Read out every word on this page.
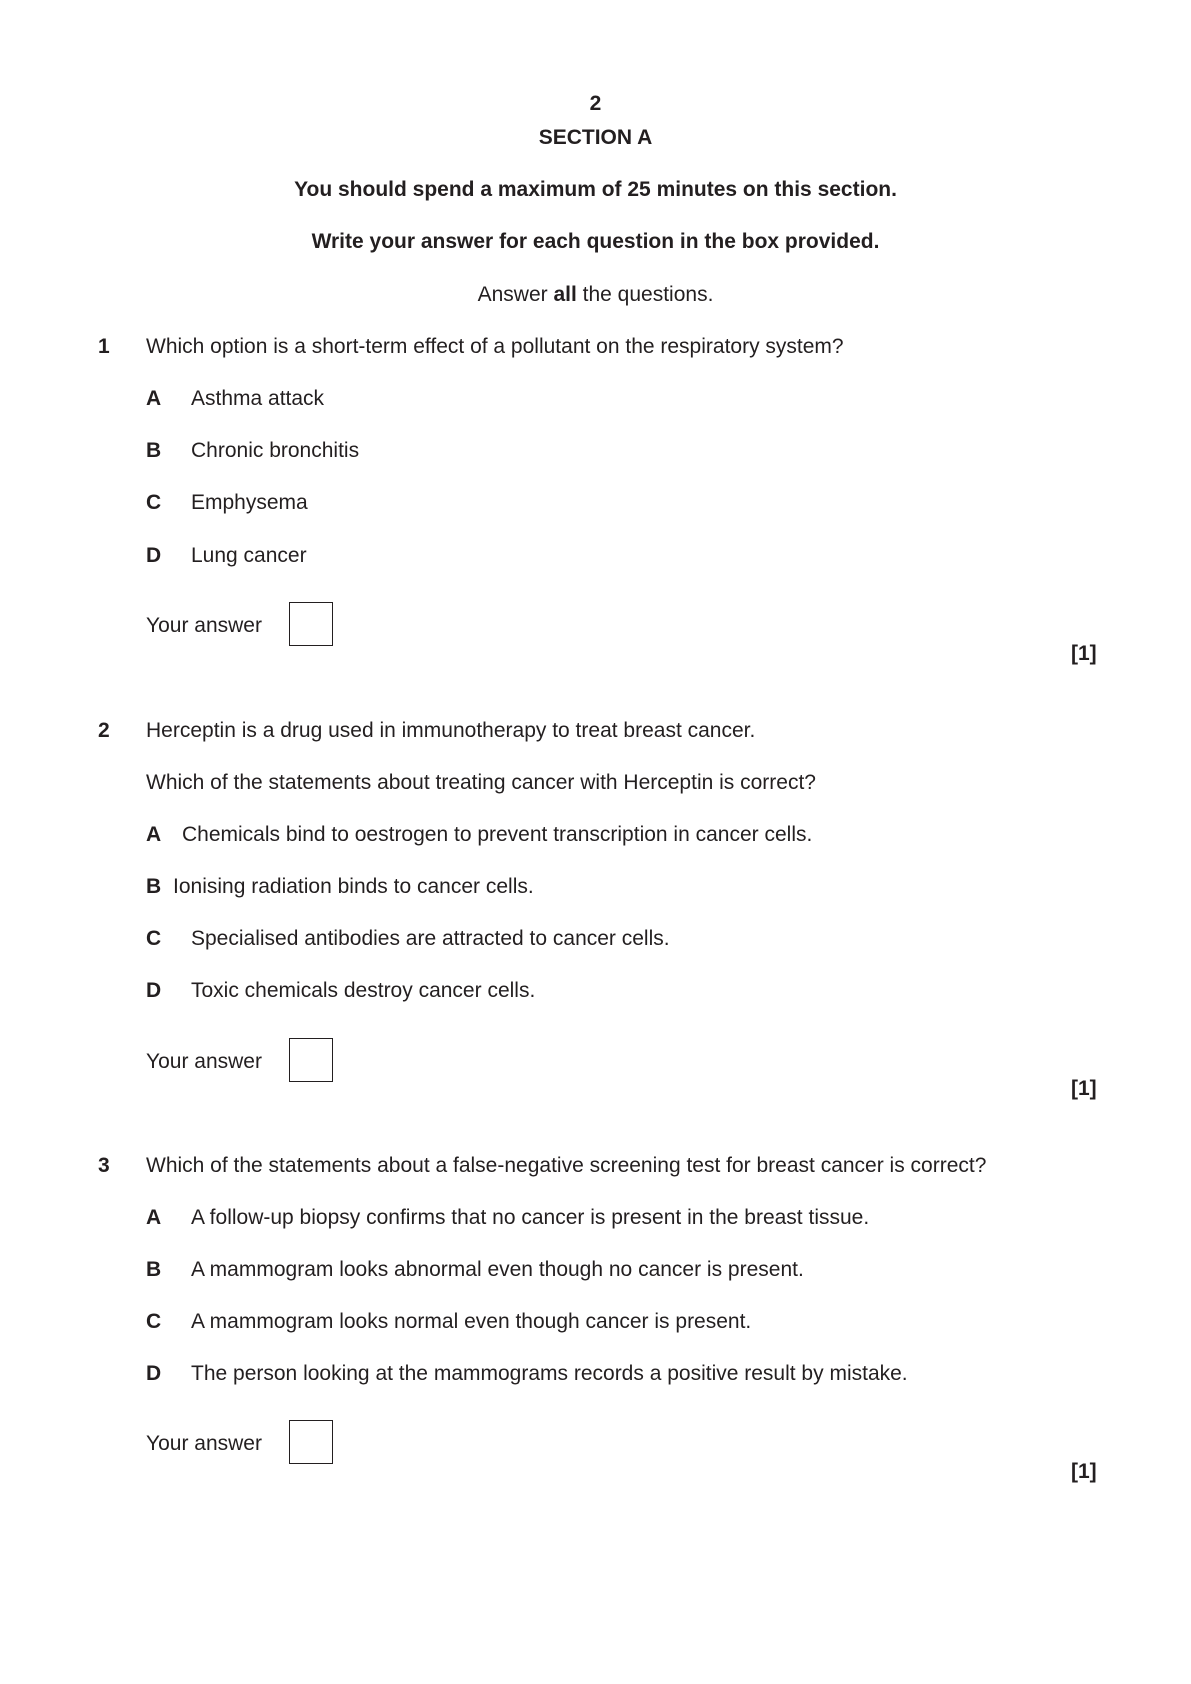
2
SECTION A
You should spend a maximum of 25 minutes on this section.
Write your answer for each question in the box provided.
Answer all the questions.
1 Which option is a short-term effect of a pollutant on the respiratory system?
A Asthma attack
B Chronic bronchitis
C Emphysema
D Lung cancer
Your answer
[1]
2 Herceptin is a drug used in immunotherapy to treat breast cancer.
Which of the statements about treating cancer with Herceptin is correct?
A Chemicals bind to oestrogen to prevent transcription in cancer cells.
B Ionising radiation binds to cancer cells.
C Specialised antibodies are attracted to cancer cells.
D Toxic chemicals destroy cancer cells.
Your answer
[1]
3 Which of the statements about a false-negative screening test for breast cancer is correct?
A A follow-up biopsy confirms that no cancer is present in the breast tissue.
B A mammogram looks abnormal even though no cancer is present.
C A mammogram looks normal even though cancer is present.
D The person looking at the mammograms records a positive result by mistake.
Your answer
[1]
